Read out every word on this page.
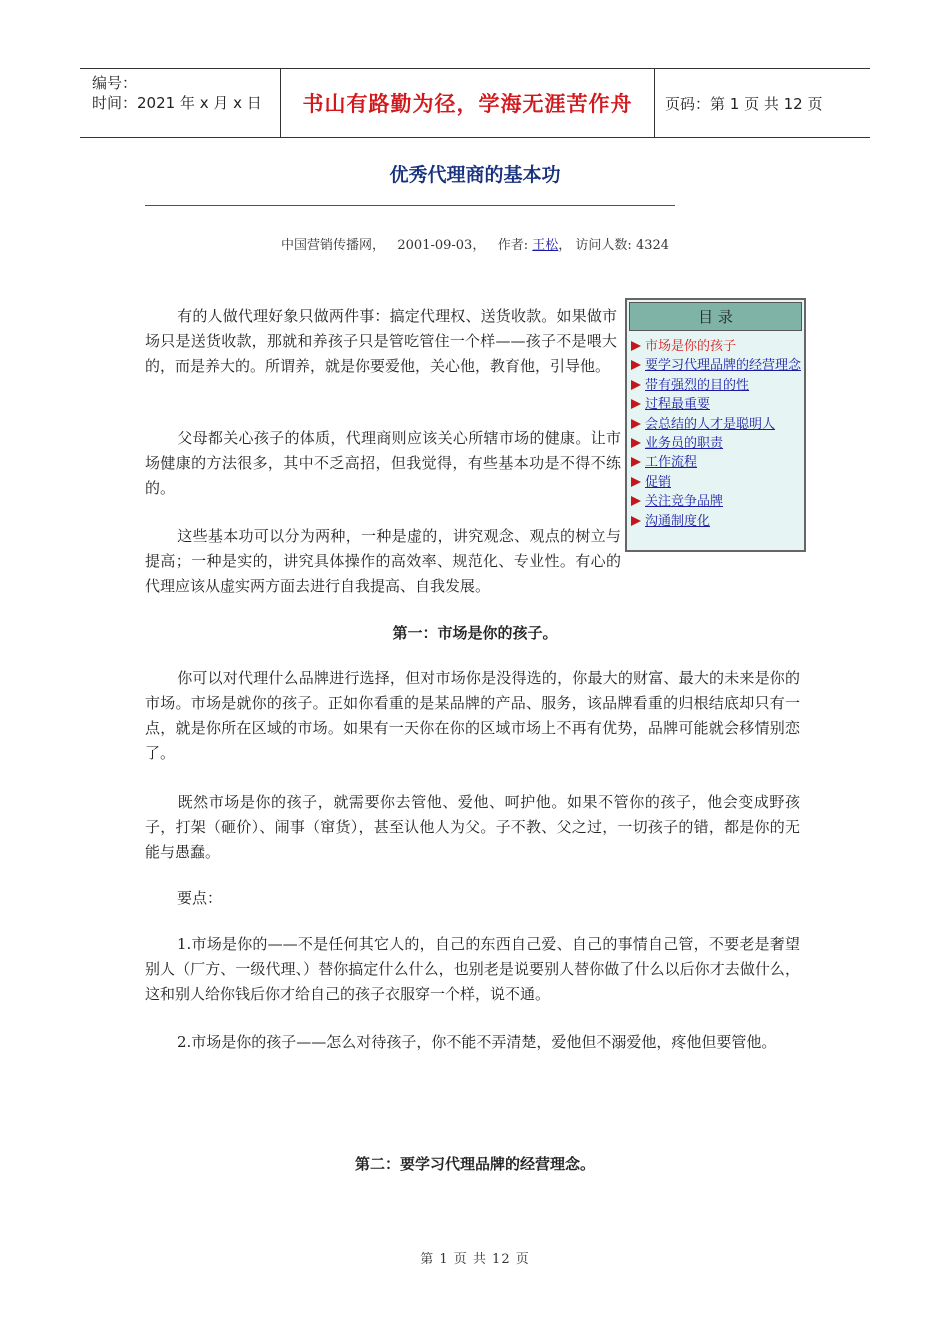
编号：
时间：2021 年 x 月 x 日	书山有路勤为径，学海无涯苦作舟 页码：第 1 页 共 12 页
优秀代理商的基本功
中国营销传播网， 2001-09-03， 作者: 王松， 访问人数: 4324
有的人做代理好象只做两件事：搞定代理权、送货收款。如果做市场只是送货收款，那就和养孩子只是管吃管住一个样——孩子不是喂大的，而是养大的。所谓养，就是你要爱他，关心他，教育他，引导他。
父母都关心孩子的体质，代理商则应该关心所辖市场的健康。让市场健康的方法很多，其中不乏高招，但我觉得，有些基本功是不得不练的。
这些基本功可以分为两种，一种是虚的，讲究观念、观点的树立与提高；一种是实的，讲究具体操作的高效率、规范化、专业性。有心的代理应该从虚实两方面去进行自我提高、自我发展。
目 录
市场是你的孩子
要学习代理品牌的经营理念
带有强烈的目的性
过程最重要
会总结的人才是聪明人
业务员的职责
工作流程
促销
关注竞争品牌
沟通制度化
第一：市场是你的孩子。
你可以对代理什么品牌进行选择，但对市场你是没得选的，你最大的财富、最大的未来是你的市场。市场是就你的孩子。正如你看重的是某品牌的产品、服务，该品牌看重的归根结底却只有一点，就是你所在区域的市场。如果有一天你在你的区域市场上不再有优势，品牌可能就会移情别恋了。
既然市场是你的孩子，就需要你去管他、爱他、呵护他。如果不管你的孩子，他会变成野孩子，打架（砸价）、闹事（窜货），甚至认他人为父。子不教、父之过，一切孩子的错，都是你的无能与愚蠢。
要点：
1.市场是你的——不是任何其它人的，自己的东西自己爱、自己的事情自己管，不要老是奢望别人（厂方、一级代理、）替你搞定什么什么，也别老是说要别人替你做了什么以后你才去做什么，这和别人给你钱后你才给自己的孩子衣服穿一个样，说不通。
2.市场是你的孩子——怎么对待孩子，你不能不弄清楚，爱他但不溺爱他，疼他但要管他。
第二：要学习代理品牌的经营理念。
第 1 页 共 12 页
